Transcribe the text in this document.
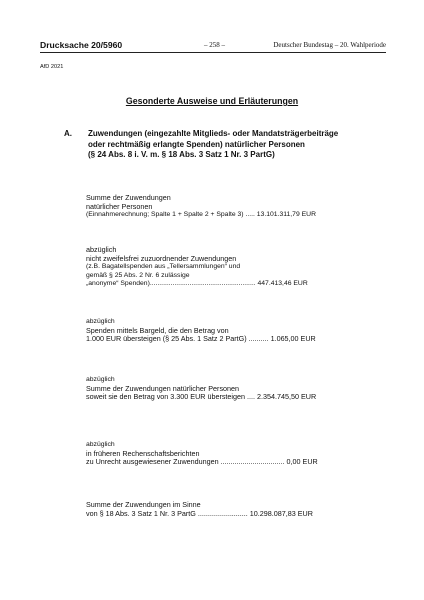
Drucksache 20/5960	– 258 –	Deutscher Bundestag – 20. Wahlperiode
AfD 2021
Gesonderte Ausweise und Erläuterungen
A. Zuwendungen (eingezahlte Mitglieds- oder Mandatsträgerbeiträge
oder rechtmäßig erlangte Spenden) natürlicher Personen
(§ 24 Abs. 8 i. V. m. § 18 Abs. 3 Satz 1 Nr. 3 PartG)
Summe der Zuwendungen
natürlicher Personen
(Einnahmerechnung; Spalte 1 + Spalte 2 + Spalte 3) ..... 13.101.311,79 EUR
abzüglich
nicht zweifelsfrei zuzuordnender Zuwendungen
(z.B. Bagatellspenden aus „Tellersammlungen“ und
gemäß § 25 Abs. 2 Nr. 6 zulässige
„anonyme“ Spenden)........................................................ 447.413,46 EUR
abzüglich
Spenden mittels Bargeld, die den Betrag von
1.000 EUR übersteigen (§ 25 Abs. 1 Satz 2 PartG) .......... 1.065,00 EUR
abzüglich
Summe der Zuwendungen natürlicher Personen
soweit sie den Betrag von 3.300 EUR übersteigen .... 2.354.745,50 EUR
abzüglich
in früheren Rechenschaftsberichten
zu Unrecht ausgewiesener Zuwendungen ................................ 0,00 EUR
Summe der Zuwendungen im Sinne
von § 18 Abs. 3 Satz 1 Nr. 3 PartG ......................... 10.298.087,83 EUR
